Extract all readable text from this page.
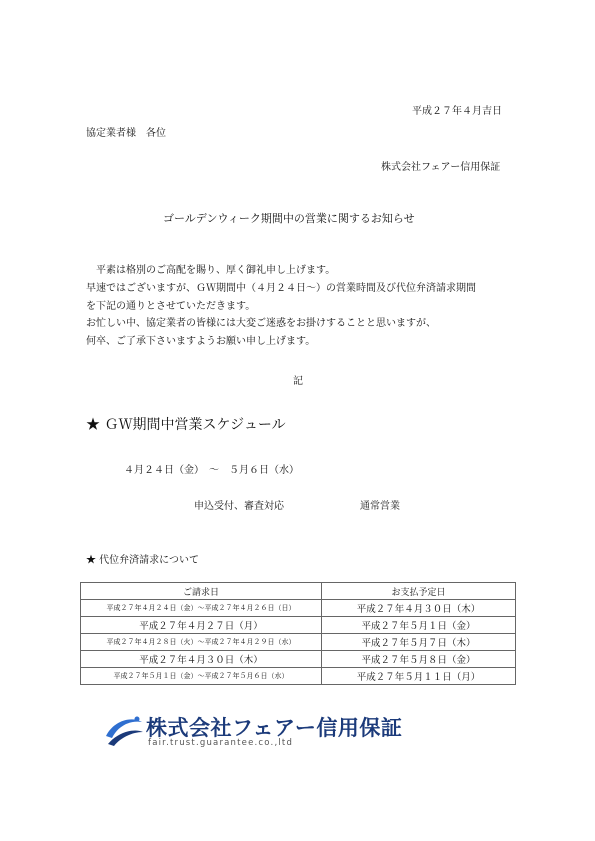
平成２７年４月吉日
協定業者様　各位
株式会社フェアー信用保証
ゴールデンウィーク期間中の営業に関するお知らせ
　平素は格別のご高配を賜り、厚く御礼申し上げます。
早速ではございますが、ＧＷ期間中（４月２４日～）の営業時間及び代位弁済請求期間
を下記の通りとさせていただきます。
お忙しい中、協定業者の皆様には大変ご迷惑をお掛けすることと思いますが、
何卒、ご了承下さいますようお願い申し上げます。
記
★ ＧＷ期間中営業スケジュール
４月２４日（金）　～　５月６日（水）
申込受付、審査対応	通常営業
★ 代位弁済請求について
ご請求日	お支払予定日
平成２７年４月２４日（金）～平成２７年４月２６日（日）	平成２７年４月３０日（木）
平成２７年４月２７日（月）	平成２７年５月１日（金）
平成２７年４月２８日（火）～平成２７年４月２９日（水）	平成２７年５月７日（木）
平成２７年４月３０日（木）	平成２７年５月８日（金）
平成２７年５月１日（金）～平成２７年５月６日（水）	平成２７年５月１１日（月）
株式会社フェアー信用保証
fair.trust.guarantee.co.,ltd
